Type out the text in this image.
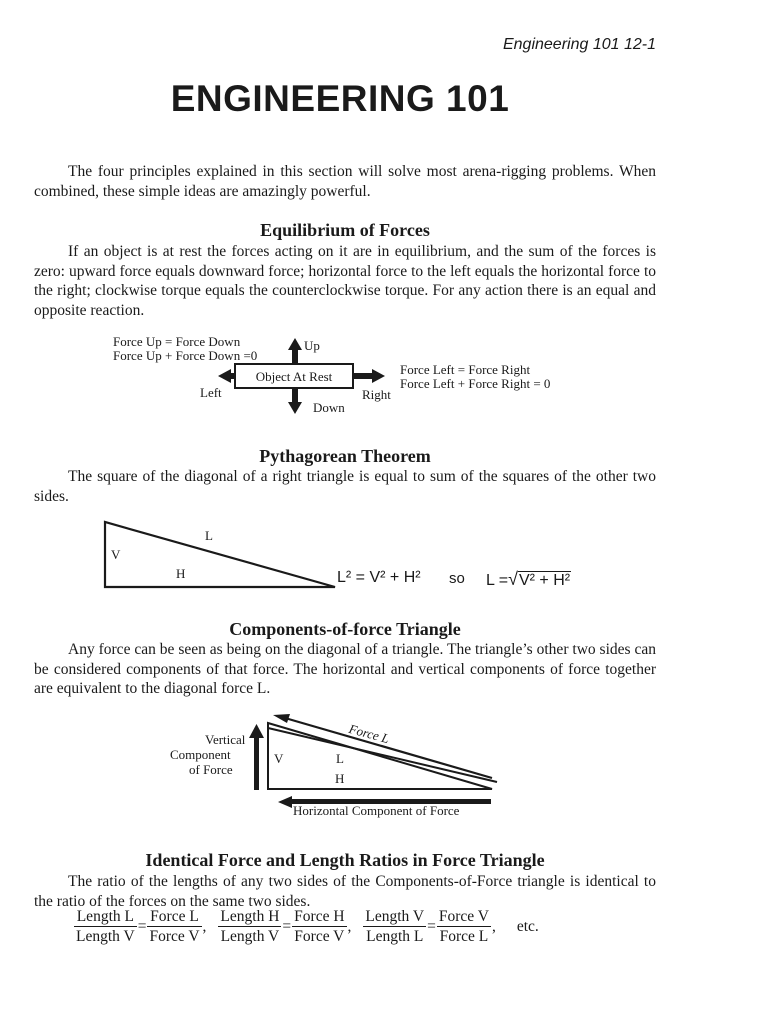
Engineering 101 12-1
ENGINEERING 101
The four principles explained in this section will solve most arena-rigging problems. When combined, these simple ideas are amazingly powerful.
Equilibrium of Forces
If an object is at rest the forces acting on it are in equilibrium, and the sum of the forces is zero: upward force equals downward force; horizontal force to the left equals the horizontal force to the right; clockwise torque equals the counterclockwise torque. For any action there is an equal and opposite reaction.
Force Up = Force Down
Force Up + Force Down =0
Object At Rest
Up
Down
Left	Right
Force Left = Force Right
Force Left + Force Right = 0
Pythagorean Theorem
The square of the diagonal of a right triangle is equal to sum of the squares of the other two sides.
L
V
H	L² = V² + H² so L =√V² + H²
Components-of-force Triangle
Any force can be seen as being on the diagonal of a triangle. The triangle’s other two sides can be considered components of that force. The horizontal and vertical components of force together are equivalent to the diagonal force L.
Vertical
Component
of Force
Force L
V	L
H
Horizontal Component of Force
Identical Force and Length Ratios in Force Triangle
The ratio of the lengths of any two sides of the Components-of-Force triangle is identical to the ratio of the forces on the same two sides.
$\frac{\text{Length L}}{\text{Length V}} = \frac{\text{Force L}}{\text{Force V}}$ , $\frac{\text{Length H}}{\text{Length V}} = \frac{\text{Force H}}{\text{Force V}}$ , $\frac{\text{Length V}}{\text{Length L}} = \frac{\text{Force V}}{\text{Force L}}$ , etc.
